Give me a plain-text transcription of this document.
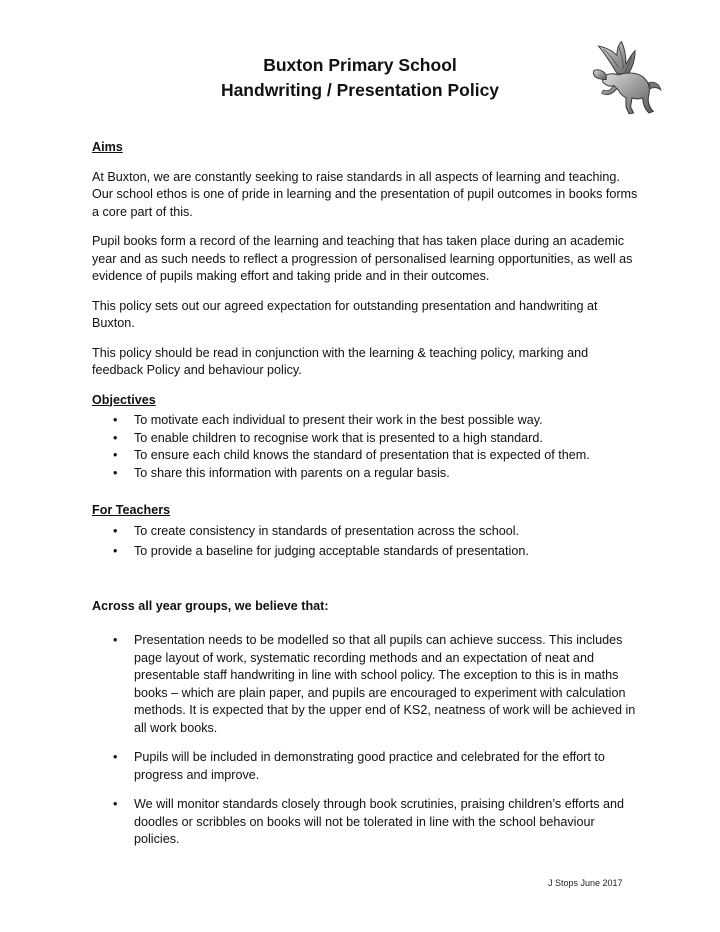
Buxton Primary School
Handwriting / Presentation Policy

Aims

At Buxton, we are constantly seeking to raise standards in all aspects of learning and teaching. Our school ethos is one of pride in learning and the presentation of pupil outcomes in books forms a core part of this.

Pupil books form a record of the learning and teaching that has taken place during an academic year and as such needs to reflect a progression of personalised learning opportunities, as well as evidence of pupils making effort and taking pride and in their outcomes.

This policy sets out our agreed expectation for outstanding presentation and handwriting at Buxton.

This policy should be read in conjunction with the learning & teaching policy, marking and feedback Policy and behaviour policy.

Objectives

• To motivate each individual to present their work in the best possible way.
• To enable children to recognise work that is presented to a high standard.
• To ensure each child knows the standard of presentation that is expected of them.
• To share this information with parents on a regular basis.

For Teachers

• To create consistency in standards of presentation across the school.
• To provide a baseline for judging acceptable standards of presentation.

Across all year groups, we believe that:

• Presentation needs to be modelled so that all pupils can achieve success. This includes page layout of work, systematic recording methods and an expectation of neat and presentable staff handwriting in line with school policy. The exception to this is in maths books – which are plain paper, and pupils are encouraged to experiment with calculation methods. It is expected that by the upper end of KS2, neatness of work will be achieved in all work books.
• Pupils will be included in demonstrating good practice and celebrated for the effort to progress and improve.
• We will monitor standards closely through book scrutinies, praising children’s efforts and doodles or scribbles on books will not be tolerated in line with the school behaviour policies.
J Stops June 2017
